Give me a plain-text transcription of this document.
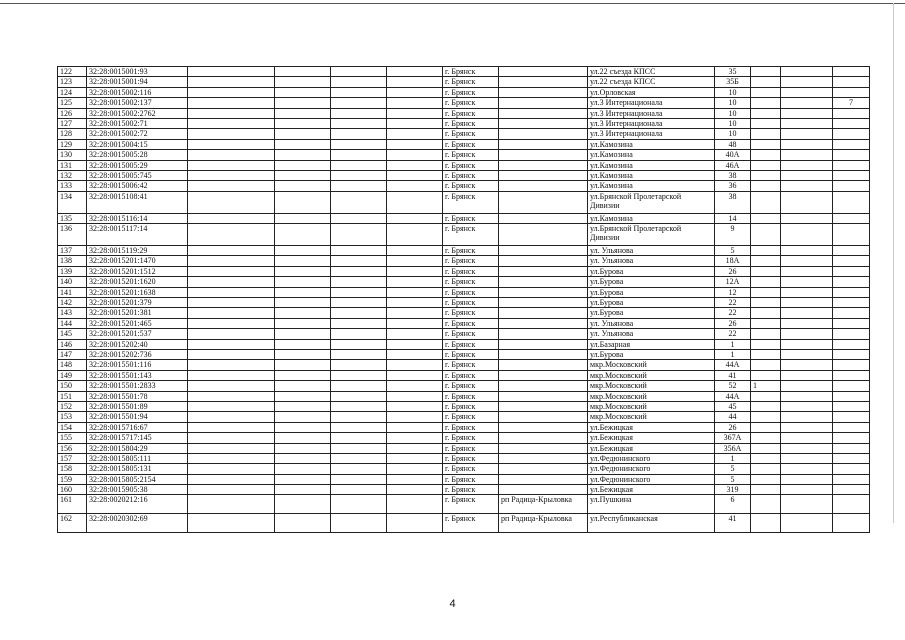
122	32:28:0015001:93					г. Брянск		ул.22 съезда КПСС	35			
123	32:28:0015001:94					г. Брянск		ул.22 съезда КПСС	35Б			
124	32:28:0015002:116					г. Брянск		ул.Орловская	10			
125	32:28:0015002:137					г. Брянск		ул.3 Интернационала	10			7
126	32:28:0015002:2762					г. Брянск		ул.3 Интернационала	10			
127	32:28:0015002:71					г. Брянск		ул.3 Интернационала	10			
128	32:28:0015002:72					г. Брянск		ул.3 Интернационала	10			
129	32:28:0015004:15					г. Брянск		ул.Камозина	48			
130	32:28:0015005:28					г. Брянск		ул.Камозина	40А			
131	32:28:0015005:29					г. Брянск		ул.Камозина	46А			
132	32:28:0015005:745					г. Брянск		ул.Камозина	38			
133	32:28:0015006:42					г. Брянск		ул.Камозина	36			
134	32:28:0015108:41					г. Брянск		ул.Брянской Пролетарской Дивизии	38			
135	32:28:0015116:14					г. Брянск		ул.Камозина	14			
136	32:28:0015117:14					г. Брянск		ул.Брянской Пролетарской Дивизии	9			
137	32:28:0015119:29					г. Брянск		ул. Ульянова	5			
138	32:28:0015201:1470					г. Брянск		ул. Ульянова	18А			
139	32:28:0015201:1512					г. Брянск		ул.Бурова	26			
140	32:28:0015201:1620					г. Брянск		ул.Бурова	12А			
141	32:28:0015201:1638					г. Брянск		ул.Бурова	12			
142	32:28:0015201:379					г. Брянск		ул.Бурова	22			
143	32:28:0015201:381					г. Брянск		ул.Бурова	22			
144	32:28:0015201:465					г. Брянск		ул. Ульянова	26			
145	32:28:0015201:537					г. Брянск		ул. Ульянова	22			
146	32:28:0015202:40					г. Брянск		ул.Базарная	1			
147	32:28:0015202:736					г. Брянск		ул.Бурова	1			
148	32:28:0015501:116					г. Брянск		мкр.Московский	44А			
149	32:28:0015501:143					г. Брянск		мкр.Московский	41			
150	32:28:0015501:2833					г. Брянск		мкр.Московский	52	1		
151	32:28:0015501:78					г. Брянск		мкр.Московский	44А			
152	32:28:0015501:89					г. Брянск		мкр.Московский	45			
153	32:28:0015501:94					г. Брянск		мкр.Московский	44			
154	32:28:0015716:67					г. Брянск		ул.Бежицкая	26			
155	32:28:0015717:145					г. Брянск		ул.Бежицкая	367А			
156	32:28:0015804:29					г. Брянск		ул.Бежицкая	356А			
157	32:28:0015805:111					г. Брянск		ул.Федюнинского	1			
158	32:28:0015805:131					г. Брянск		ул.Федюнинского	5			
159	32:28:0015805:2154					г. Брянск		ул.Федюнинского	5			
160	32:28:0015905:38					г. Брянск		ул.Бежицкая	319			
161	32:28:0020212:16					г. Брянск	рп Радица-Крыловка	ул.Пушкина	6			
162	32:28:0020302:69					г. Брянск	рп Радица-Крыловка	ул.Республиканская	41			
4
